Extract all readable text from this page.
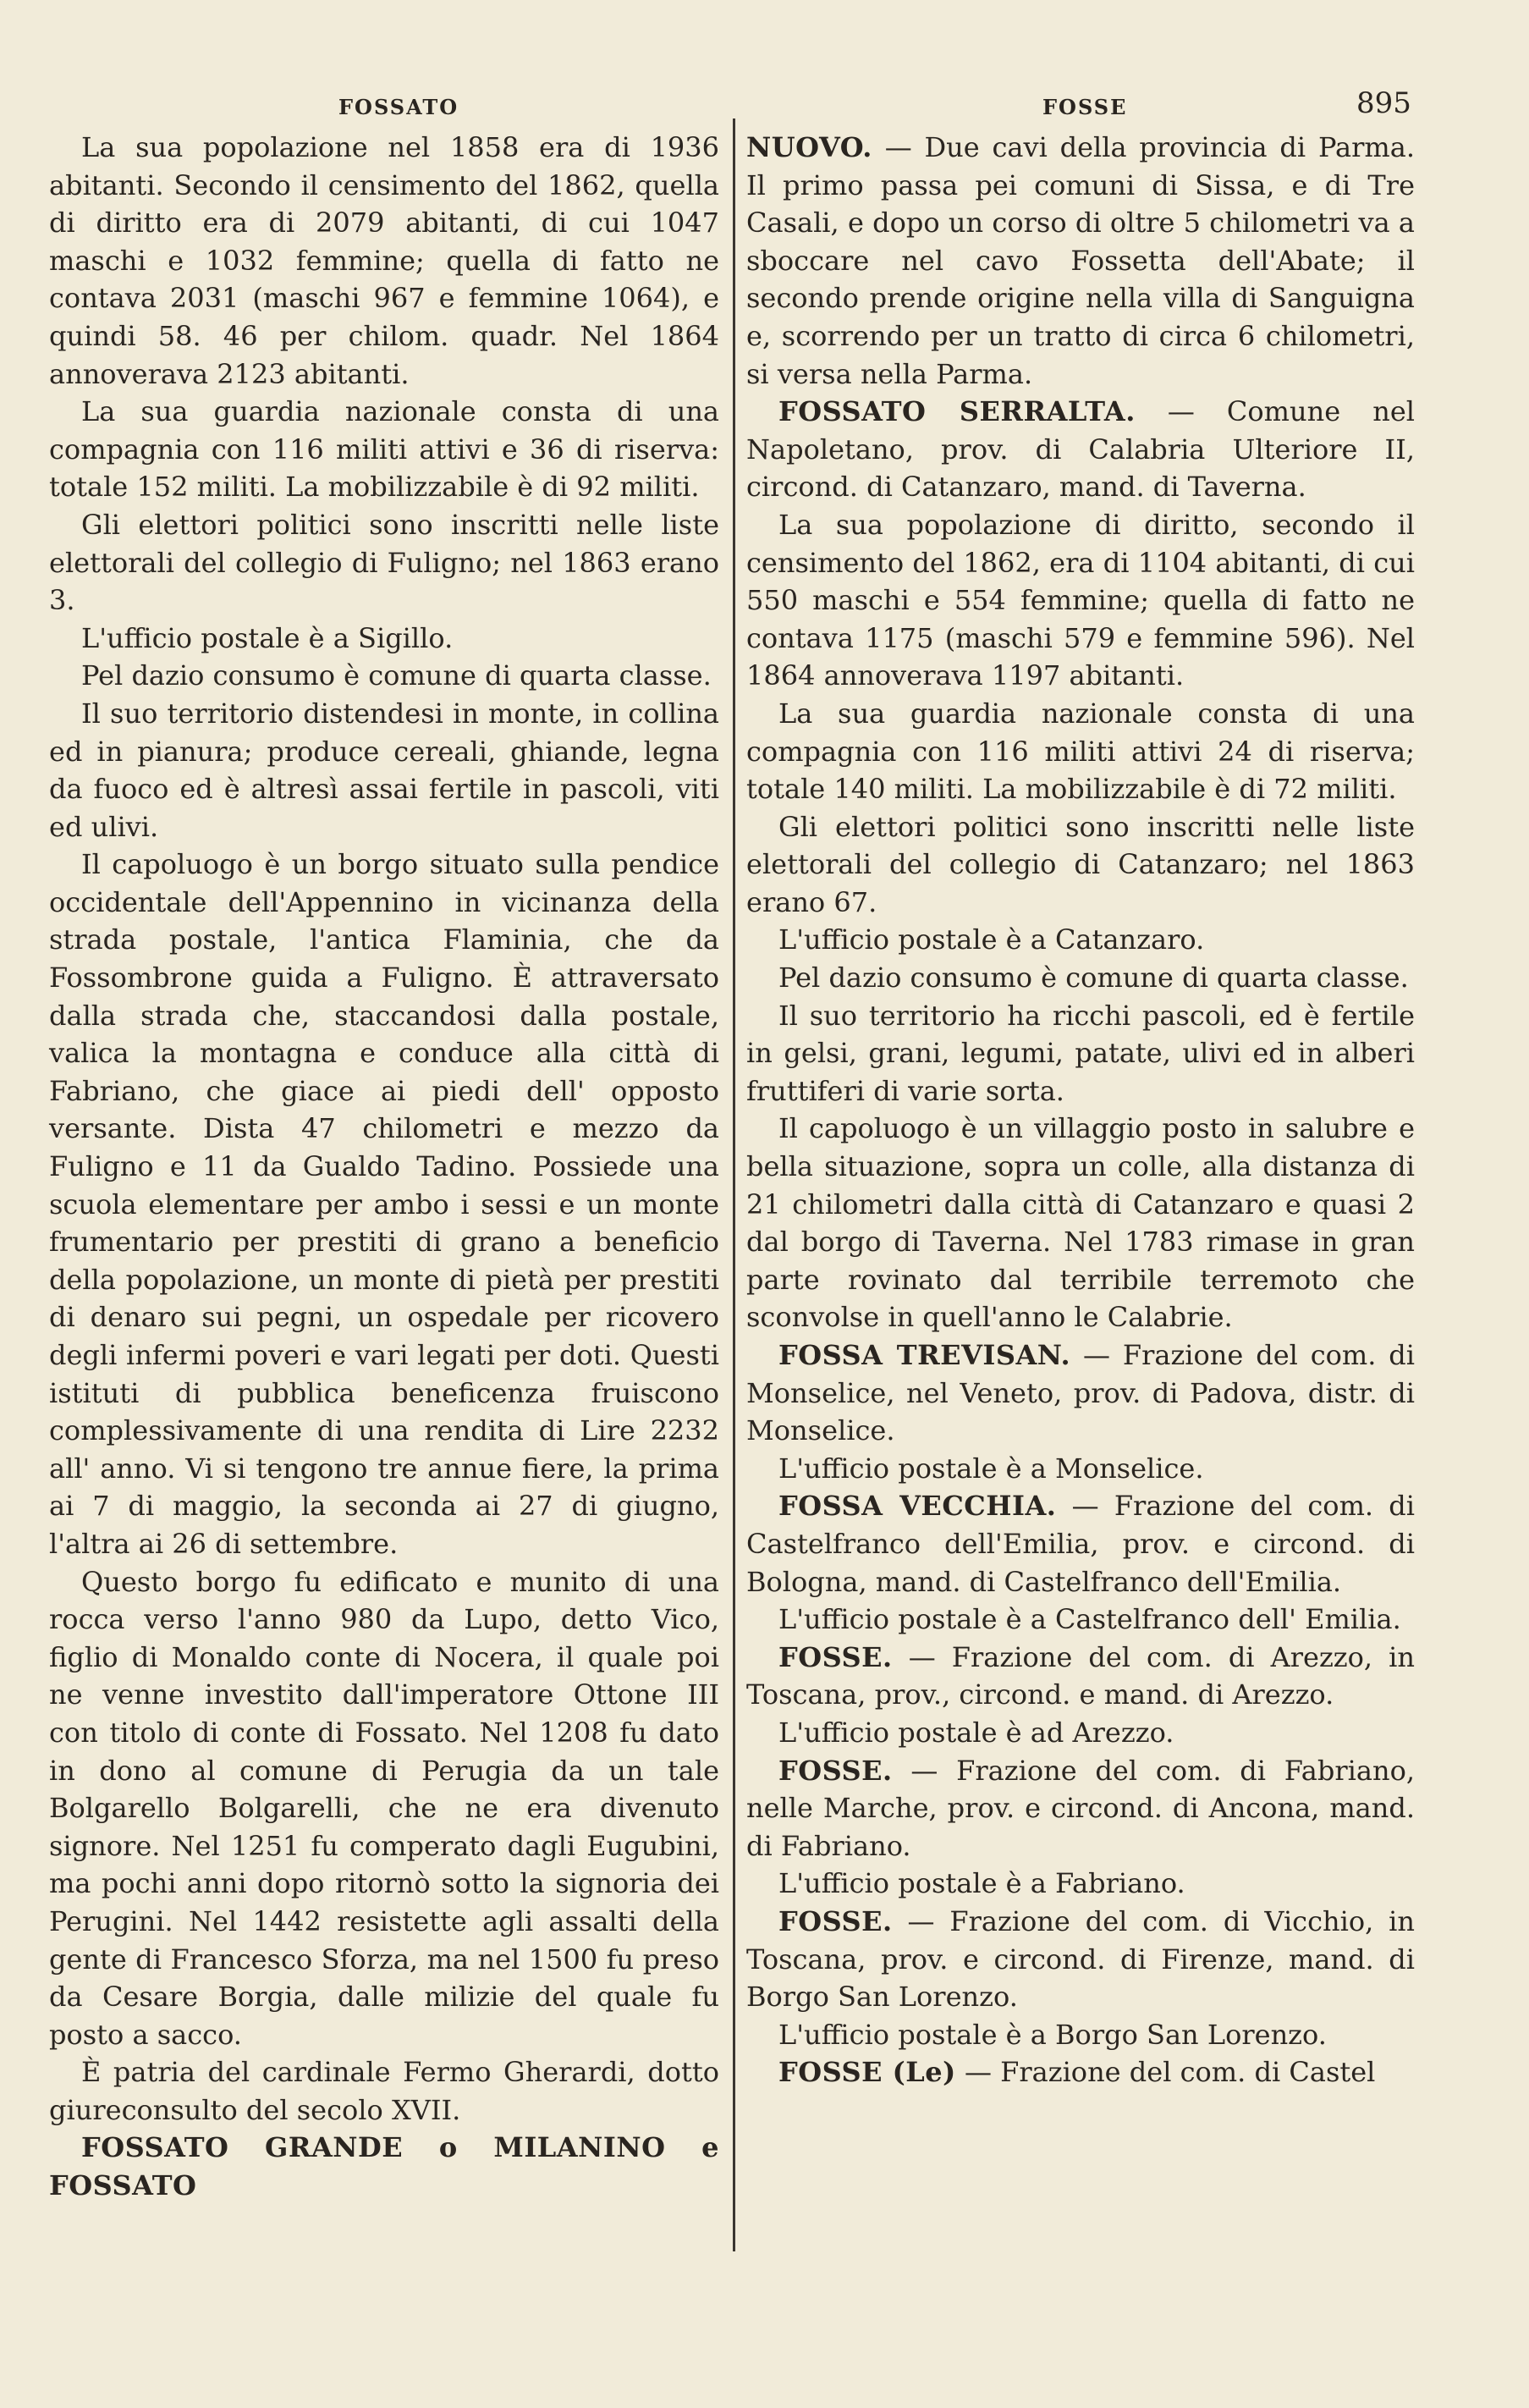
FOSSATO	FOSSE	895

La sua popolazione nel 1858 era di 1936 abitanti. Secondo il censimento del 1862, quella di diritto era di 2079 abitanti, di cui 1047 maschi e 1032 femmine; quella di fatto ne contava 2031 (maschi 967 e femmine 1064), e quindi 58. 46 per chilom. quadr. Nel 1864 annoverava 2123 abitanti.

La sua guardia nazionale consta di una compagnia con 116 militi attivi e 36 di riserva: totale 152 militi. La mobilizzabile è di 92 militi.

Gli elettori politici sono inscritti nelle liste elettorali del collegio di Fuligno; nel 1863 erano 3.

L'ufficio postale è a Sigillo.

Pel dazio consumo è comune di quarta classe.

Il suo territorio distendesi in monte, in collina ed in pianura; produce cereali, ghiande, legna da fuoco ed è altresì assai fertile in pascoli, viti ed ulivi.

Il capoluogo è un borgo situato sulla pendice occidentale dell'Appennino in vicinanza della strada postale, l'antica Flaminia, che da Fossombrone guida a Fuligno. È attraversato dalla strada che, staccandosi dalla postale, valica la montagna e conduce alla città di Fabriano, che giace ai piedi dell' opposto versante. Dista 47 chilometri e mezzo da Fuligno e 11 da Gualdo Tadino. Possiede una scuola elementare per ambo i sessi e un monte frumentario per prestiti di grano a beneficio della popolazione, un monte di pietà per prestiti di denaro sui pegni, un ospedale per ricovero degli infermi poveri e vari legati per doti. Questi istituti di pubblica beneficenza fruiscono complessivamente di una rendita di Lire 2232 all' anno. Vi si tengono tre annue fiere, la prima ai 7 di maggio, la seconda ai 27 di giugno, l'altra ai 26 di settembre.

Questo borgo fu edificato e munito di una rocca verso l'anno 980 da Lupo, detto Vico, figlio di Monaldo conte di Nocera, il quale poi ne venne investito dall'imperatore Ottone III con titolo di conte di Fossato. Nel 1208 fu dato in dono al comune di Perugia da un tale Bolgarello Bolgarelli, che ne era divenuto signore. Nel 1251 fu comperato dagli Eugubini, ma pochi anni dopo ritornò sotto la signoria dei Perugini. Nel 1442 resistette agli assalti della gente di Francesco Sforza, ma nel 1500 fu preso da Cesare Borgia, dalle milizie del quale fu posto a sacco.

È patria del cardinale Fermo Gherardi, dotto giureconsulto del secolo XVII.

FOSSATO GRANDE o MILANINO e FOSSATO

NUOVO. — Due cavi della provincia di Parma. Il primo passa pei comuni di Sissa, e di Tre Casali, e dopo un corso di oltre 5 chilometri va a sboccare nel cavo Fossetta dell'Abate; il secondo prende origine nella villa di Sanguigna e, scorrendo per un tratto di circa 6 chilometri, si versa nella Parma.

FOSSATO SERRALTA. — Comune nel Napoletano, prov. di Calabria Ulteriore II, circond. di Catanzaro, mand. di Taverna.

La sua popolazione di diritto, secondo il censimento del 1862, era di 1104 abitanti, di cui 550 maschi e 554 femmine; quella di fatto ne contava 1175 (maschi 579 e femmine 596). Nel 1864 annoverava 1197 abitanti.

La sua guardia nazionale consta di una compagnia con 116 militi attivi 24 di riserva; totale 140 militi. La mobilizzabile è di 72 militi.

Gli elettori politici sono inscritti nelle liste elettorali del collegio di Catanzaro; nel 1863 erano 67.

L'ufficio postale è a Catanzaro.

Pel dazio consumo è comune di quarta classe.

Il suo territorio ha ricchi pascoli, ed è fertile in gelsi, grani, legumi, patate, ulivi ed in alberi fruttiferi di varie sorta.

Il capoluogo è un villaggio posto in salubre e bella situazione, sopra un colle, alla distanza di 21 chilometri dalla città di Catanzaro e quasi 2 dal borgo di Taverna. Nel 1783 rimase in gran parte rovinato dal terribile terremoto che sconvolse in quell'anno le Calabrie.

FOSSA TREVISAN. — Frazione del com. di Monselice, nel Veneto, prov. di Padova, distr. di Monselice.

L'ufficio postale è a Monselice.

FOSSA VECCHIA. — Frazione del com. di Castelfranco dell'Emilia, prov. e circond. di Bologna, mand. di Castelfranco dell'Emilia.

L'ufficio postale è a Castelfranco dell' Emilia.

FOSSE. — Frazione del com. di Arezzo, in Toscana, prov., circond. e mand. di Arezzo.

L'ufficio postale è ad Arezzo.

FOSSE. — Frazione del com. di Fabriano, nelle Marche, prov. e circond. di Ancona, mand. di Fabriano.

L'ufficio postale è a Fabriano.

FOSSE. — Frazione del com. di Vicchio, in Toscana, prov. e circond. di Firenze, mand. di Borgo San Lorenzo.

L'ufficio postale è a Borgo San Lorenzo.

FOSSE (Le) — Frazione del com. di Castel
